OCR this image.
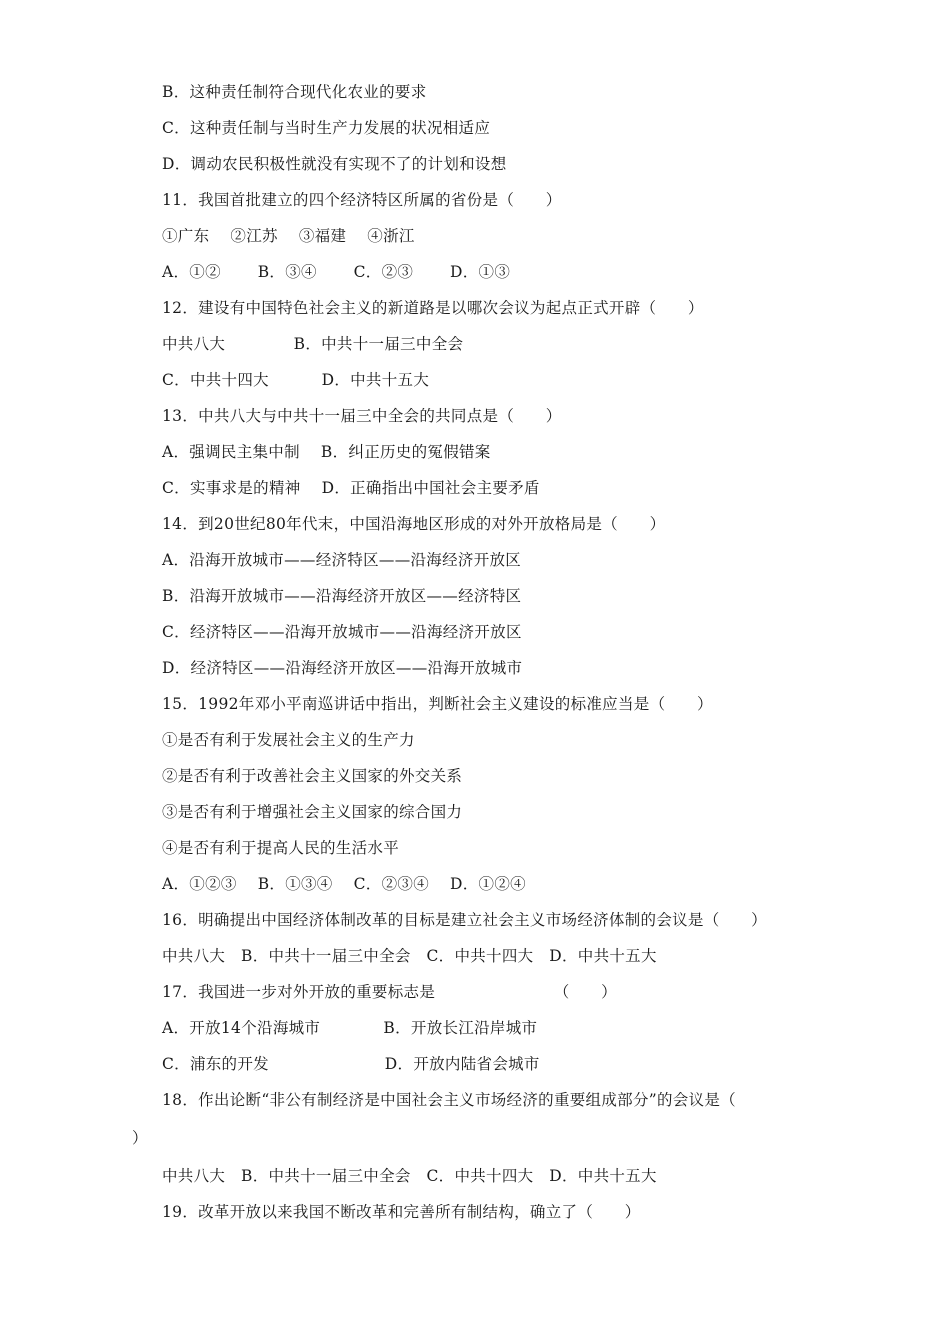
B．这种责任制符合现代化农业的要求
C．这种责任制与当时生产力发展的状况相适应
D．调动农民积极性就没有实现不了的计划和设想
11．我国首批建立的四个经济特区所属的省份是（　　）
①广东　 ②江苏　 ③福建　 ④浙江
A．①②　　 B．③④　　 C．②③　　 D．①③
12．建设有中国特色社会主义的新道路是以哪次会议为起点正式开辟（　　）
中共八大　　　　 B．中共十一届三中全会
C．中共十四大　　　 D．中共十五大
13．中共八大与中共十一届三中全会的共同点是（　　）
A．强调民主集中制　 B．纠正历史的冤假错案
C．实事求是的精神　 D．正确指出中国社会主要矛盾
14．到20世纪80年代末，中国沿海地区形成的对外开放格局是（　　）
A．沿海开放城市——经济特区——沿海经济开放区
B．沿海开放城市——沿海经济开放区——经济特区
C．经济特区——沿海开放城市——沿海经济开放区
D．经济特区——沿海经济开放区——沿海开放城市
15．1992年邓小平南巡讲话中指出，判断社会主义建设的标准应当是（　　）
①是否有利于发展社会主义的生产力
②是否有利于改善社会主义国家的外交关系
③是否有利于增强社会主义国家的综合国力
④是否有利于提高人民的生活水平
A．①②③　 B．①③④　 C．②③④　 D．①②④
16．明确提出中国经济体制改革的目标是建立社会主义市场经济体制的会议是（　　）
中共八大　B．中共十一届三中全会　C．中共十四大　D．中共十五大
17．我国进一步对外开放的重要标志是　　　　　　　　（　　）
A．开放14个沿海城市　　　　B．开放长江沿岸城市
C．浦东的开发　　　　　　　 D．开放内陆省会城市
18．作出论断“非公有制经济是中国社会主义市场经济的重要组成部分”的会议是（
）
中共八大　B．中共十一届三中全会　C．中共十四大　D．中共十五大
19．改革开放以来我国不断改革和完善所有制结构，确立了（　　）
